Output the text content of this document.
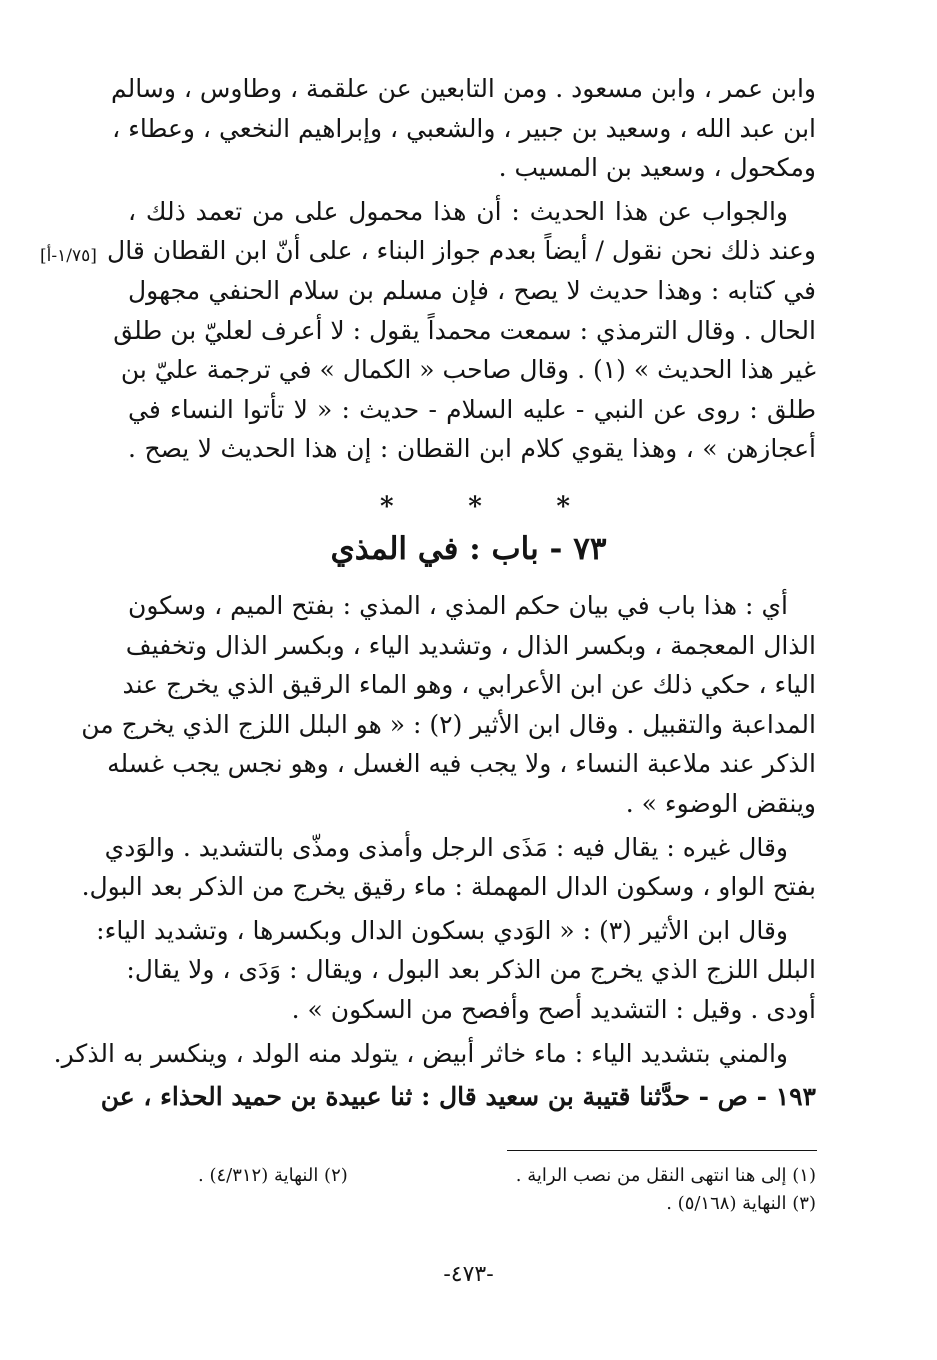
[١/٧٥-أ]
وابن عمر ، وابن مسعود . ومن التابعين عن علقمة ، وطاوس ، وسالم
ابن عبد الله ، وسعيد بن جبير ، والشعبي ، وإبراهيم النخعي ، وعطاء ،
ومكحول ، وسعيد بن المسيب .
والجواب عن هذا الحديث : أن هذا محمول على من تعمد ذلك ،
وعند ذلك نحن نقول / أيضاً بعدم جواز البناء ، على أنّ ابن القطان قال
في كتابه : وهذا حديث لا يصح ، فإن مسلم بن سلام الحنفي مجهول
الحال . وقال الترمذي : سمعت محمداً يقول : لا أعرف لعليّ بن طلق
غير هذا الحديث » (١) . وقال صاحب « الكمال » في ترجمة عليّ بن
طلق : روى عن النبي - عليه السلام - حديث : « لا تأتوا النساء في
أعجازهن » ، وهذا يقوي كلام ابن القطان : إن هذا الحديث لا يصح .
*	*	*
٧٣ - باب : في المذي
أي : هذا باب في بيان حكم المذي ، المذي : بفتح الميم ، وسكون
الذال المعجمة ، وبكسر الذال ، وتشديد الياء ، وبكسر الذال وتخفيف
الياء ، حكي ذلك عن ابن الأعرابي ، وهو الماء الرقيق الذي يخرج عند
المداعبة والتقبيل . وقال ابن الأثير (٢) : « هو البلل اللزج الذي يخرج من
الذكر عند ملاعبة النساء ، ولا يجب فيه الغسل ، وهو نجس يجب غسله
وينقض الوضوء » .
وقال غيره : يقال فيه : مَذَى الرجل وأمذى ومذّى بالتشديد . والوَدي
بفتح الواو ، وسكون الدال المهملة : ماء رقيق يخرج من الذكر بعد البول.
وقال ابن الأثير (٣) : « الوَدي بسكون الدال وبكسرها ، وتشديد الياء:
البلل اللزج الذي يخرج من الذكر بعد البول ، ويقال : وَدَى ، ولا يقال:
أودى . وقيل : التشديد أصح وأفصح من السكون » .
والمني بتشديد الياء : ماء خاثر أبيض ، يتولد منه الولد ، وينكسر به الذكر.
١٩٣ - ص - حدَّثنا قتيبة بن سعيد قال : ثنا عبيدة بن حميد الحذاء ، عن
(١) إلى هنا انتهى النقل من نصب الراية .
(٢) النهاية (٤/٣١٢) .
(٣) النهاية (٥/١٦٨) .
-٤٧٣-
